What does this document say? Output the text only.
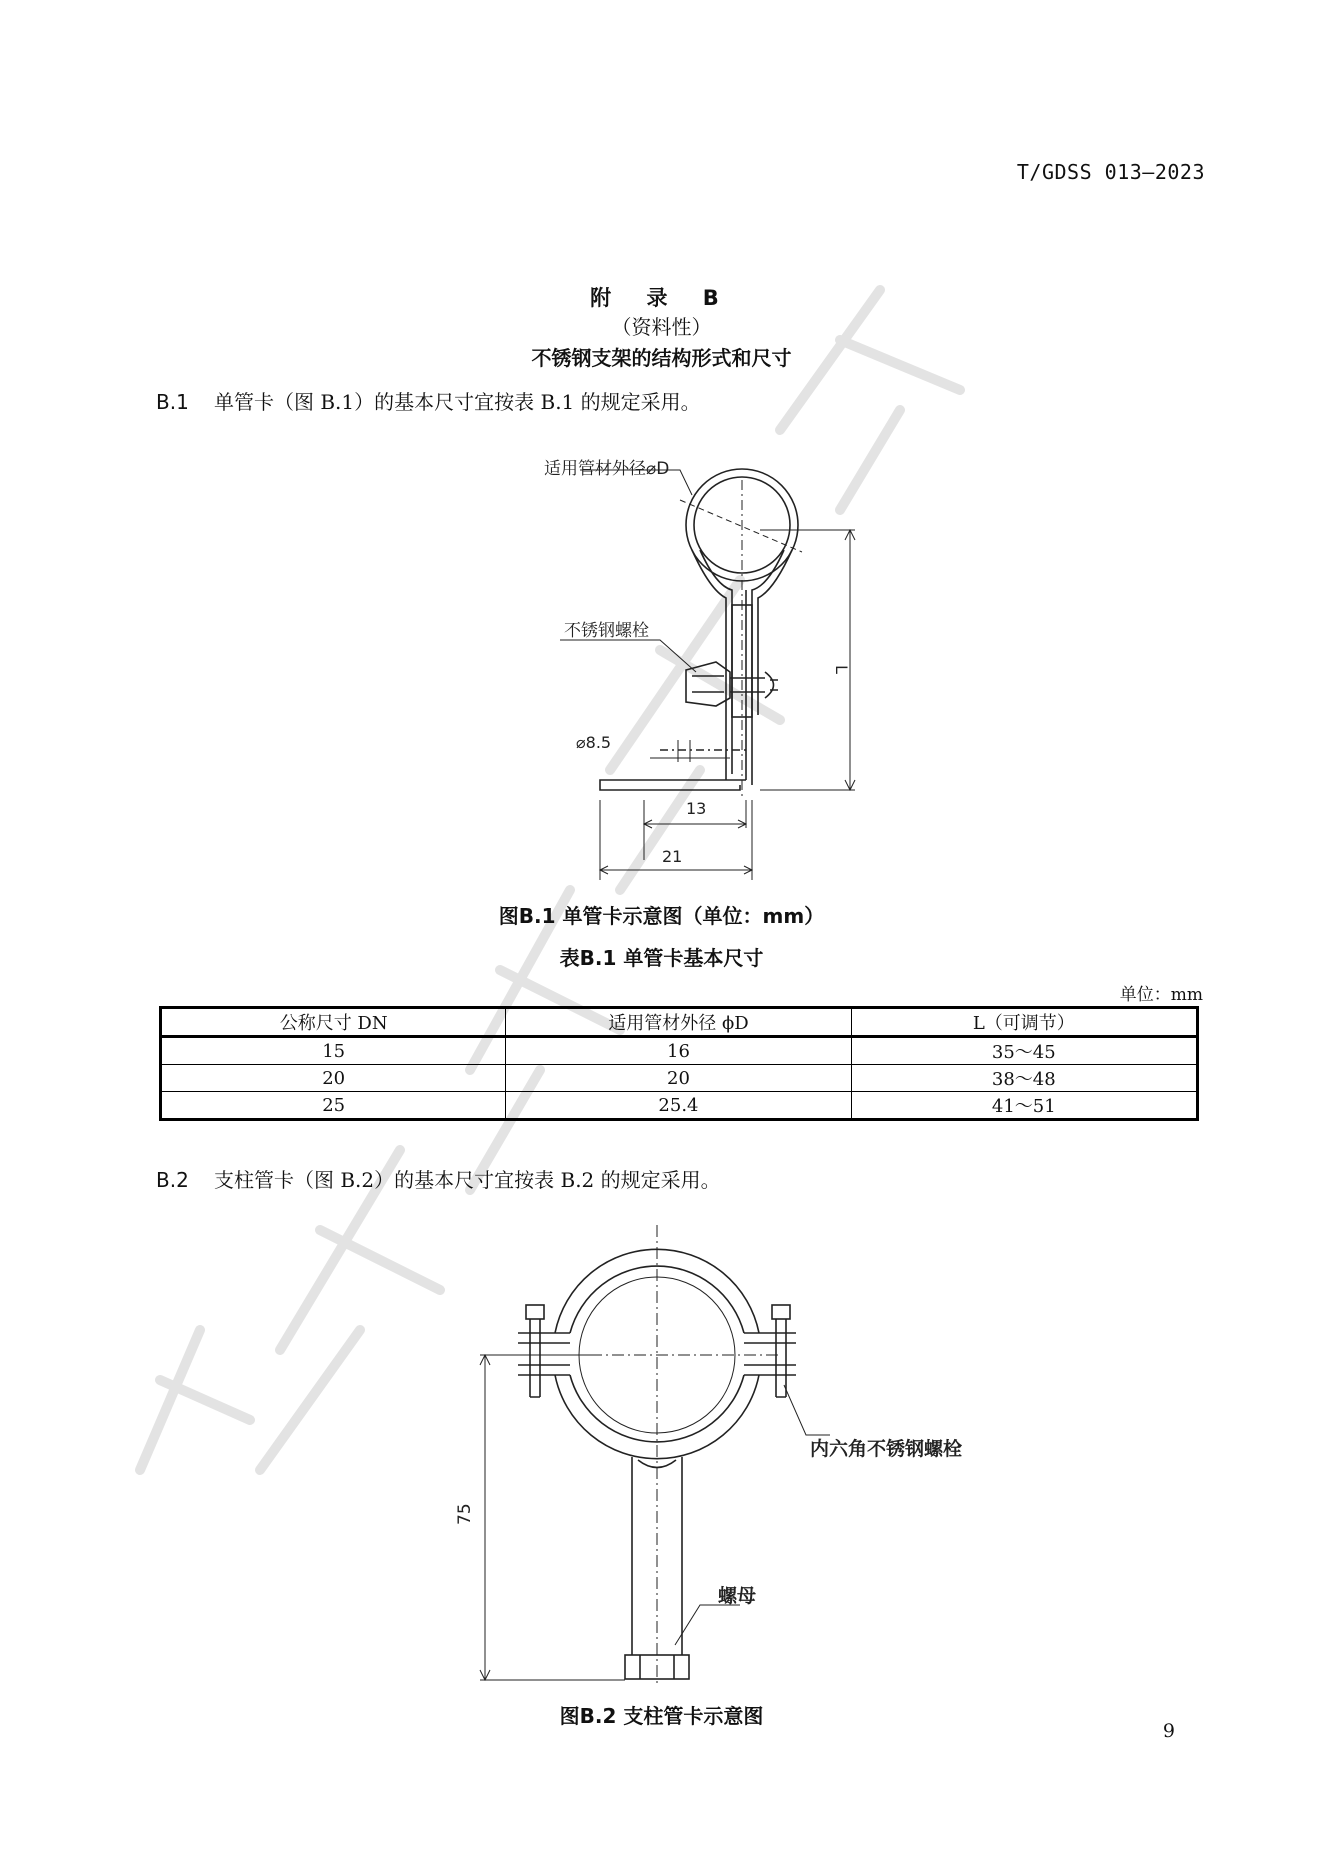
T/GDSS 013—2023
附 录 B
（资料性）
不锈钢支架的结构形式和尺寸
B.1 单管卡（图 B.1）的基本尺寸宜按表 B.1 的规定采用。
适用管材外径⌀D
不锈钢螺栓
⌀8.5
13
21
L
图B.1 单管卡示意图（单位：mm）
表B.1 单管卡基本尺寸
单位：mm
公称尺寸 DN	适用管材外径 ϕD	L（可调节）
15	16	35～45
20	20	38～48
25	25.4	41～51
B.2 支柱管卡（图 B.2）的基本尺寸宜按表 B.2 的规定采用。
内六角不锈钢螺栓
螺母
75
图B.2 支柱管卡示意图
9
